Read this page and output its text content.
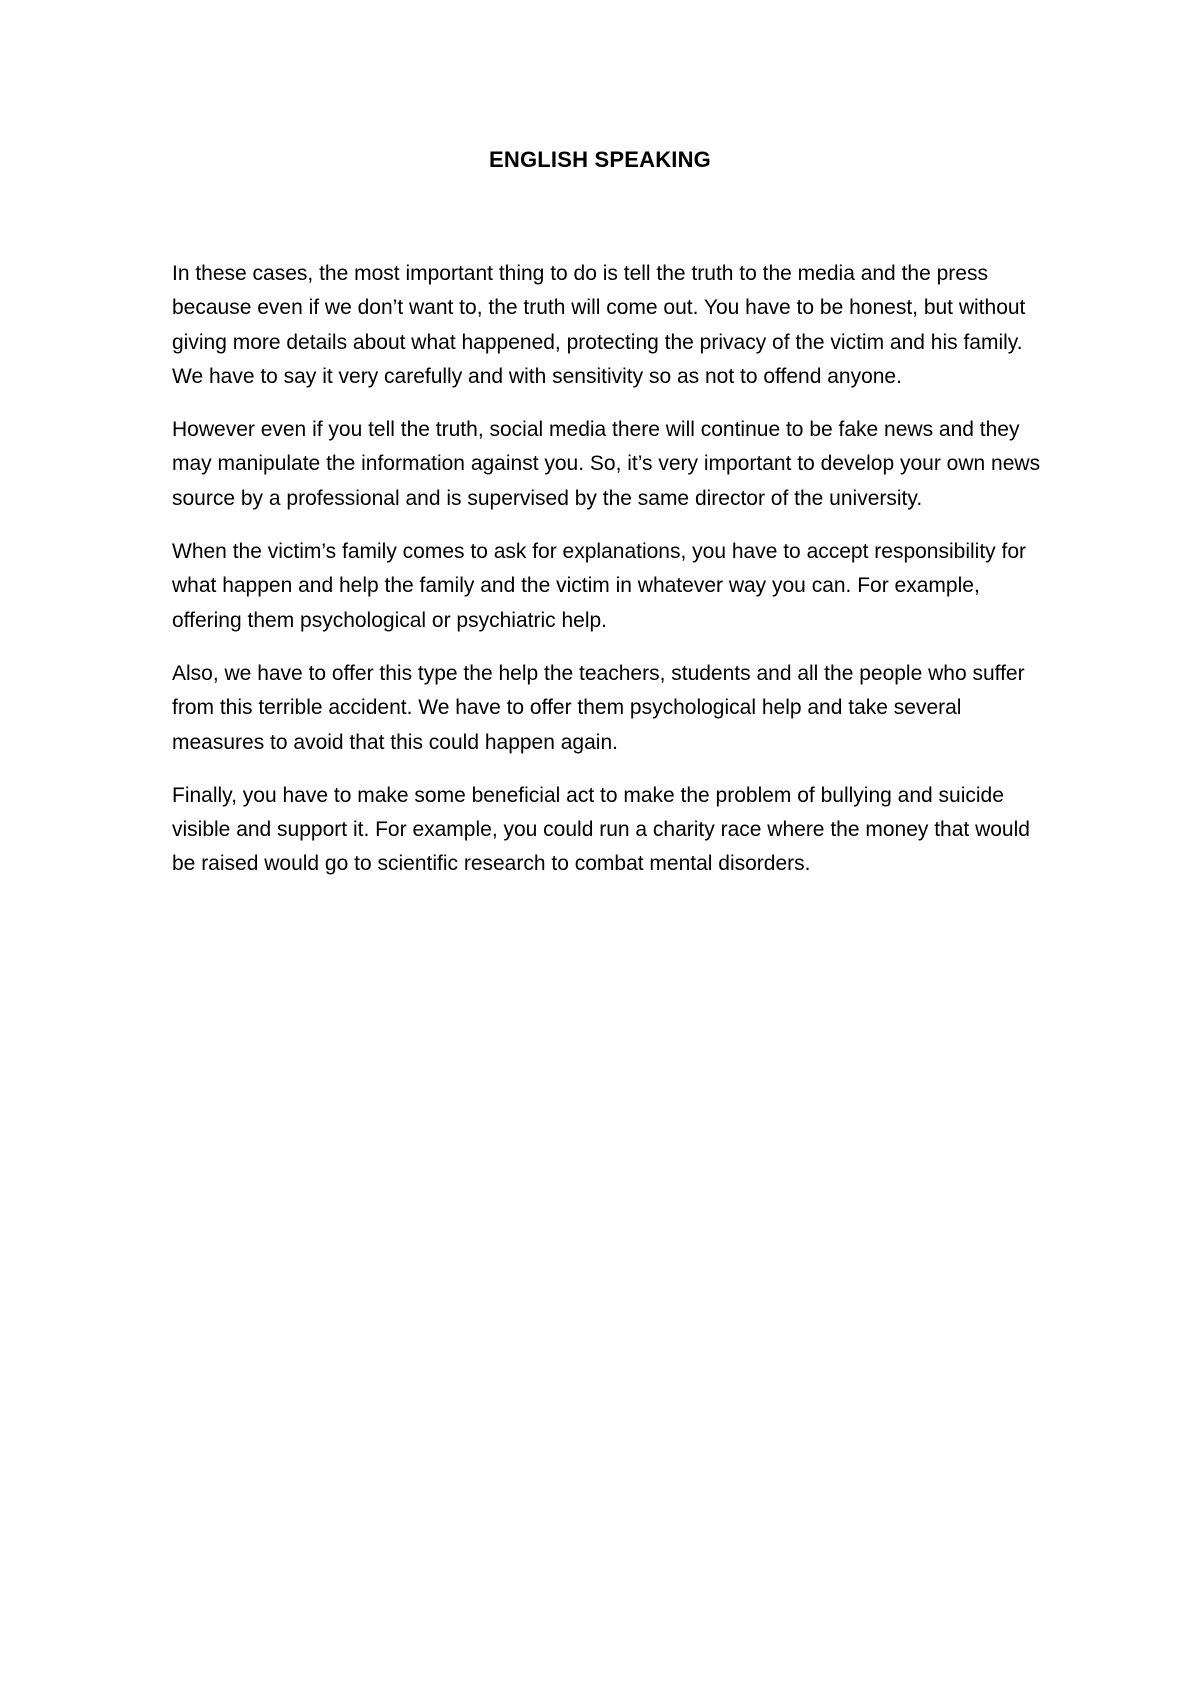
ENGLISH SPEAKING

In these cases, the most important thing to do is tell the truth to the media and the press because even if we don’t want to, the truth will come out. You have to be honest, but without giving more details about what happened, protecting the privacy of the victim and his family. We have to say it very carefully and with sensitivity so as not to offend anyone.

However even if you tell the truth, social media there will continue to be fake news and they may manipulate the information against you. So, it’s very important to develop your own news source by a professional and is supervised by the same director of the university.

When the victim’s family comes to ask for explanations, you have to accept responsibility for what happen and help the family and the victim in whatever way you can. For example, offering them psychological or psychiatric help.

Also, we have to offer this type the help the teachers, students and all the people who suffer from this terrible accident. We have to offer them psychological help and take several measures to avoid that this could happen again.

Finally, you have to make some beneficial act to make the problem of bullying and suicide visible and support it. For example, you could run a charity race where the money that would be raised would go to scientific research to combat mental disorders.
